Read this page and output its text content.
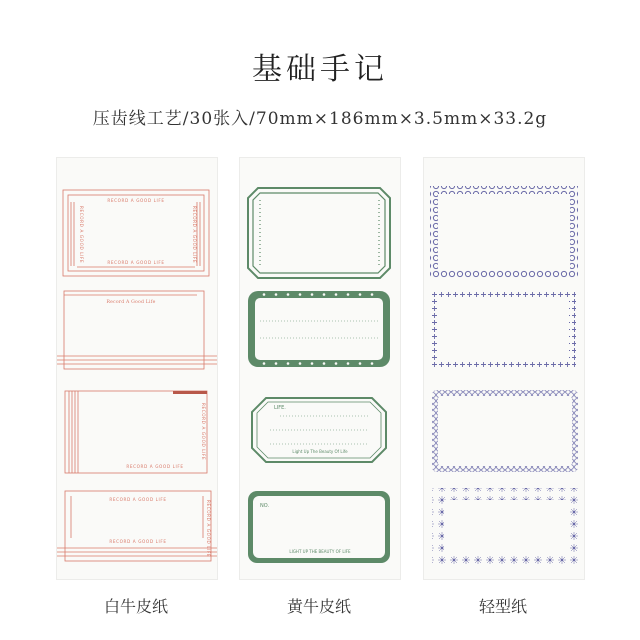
基础手记
压齿线工艺/30张入/70mm×186mm×3.5mm×33.2g
RECORD A GOOD LIFE
RECORD A GOOD LIFE
RECORD A GOOD LIFE	RECORD A GOOD LIFE
Record A Good Life
RECORD A GOOD LIFE
RECORD A GOOD LIFE
RECORD A GOOD LIFE
RECORD A GOOD LIFE	RECORD A GOOD LIFE
LIFE.
Light Up The Beauty Of Life
NO.
LIGHT UP THE BEAUTY OF LIFE
白牛皮纸	黄牛皮纸	轻型纸
